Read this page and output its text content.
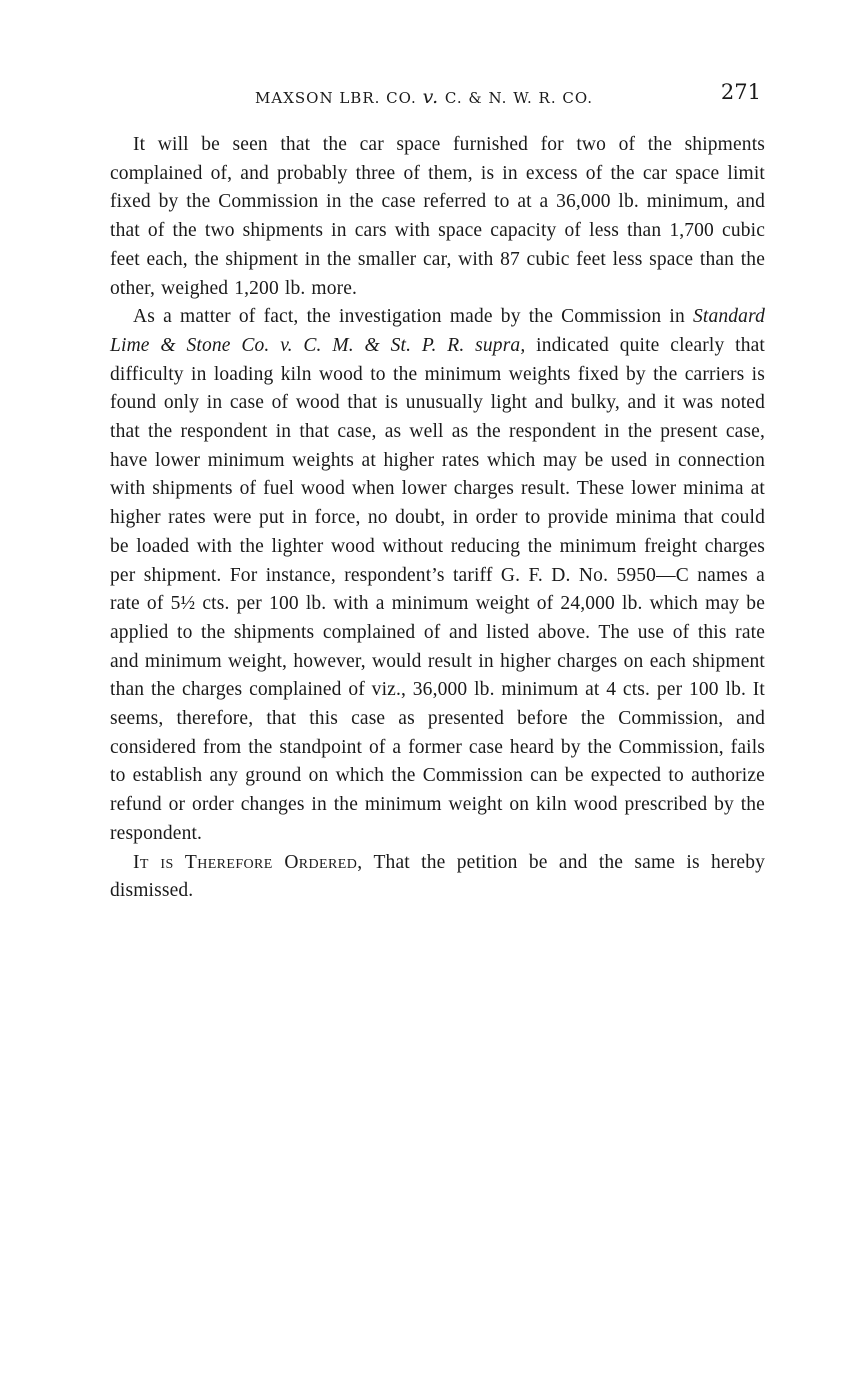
MAXSON LBR. CO. v. C. & N. W. R. CO.	271

It will be seen that the car space furnished for two of the shipments complained of, and probably three of them, is in excess of the car space limit fixed by the Commission in the case referred to at a 36,000 lb. minimum, and that of the two shipments in cars with space capacity of less than 1,700 cubic feet each, the shipment in the smaller car, with 87 cubic feet less space than the other, weighed 1,200 lb. more.

As a matter of fact, the investigation made by the Commission in Standard Lime & Stone Co. v. C. M. & St. P. R. supra, indicated quite clearly that difficulty in loading kiln wood to the minimum weights fixed by the carriers is found only in case of wood that is unusually light and bulky, and it was noted that the respondent in that case, as well as the respondent in the present case, have lower minimum weights at higher rates which may be used in connection with shipments of fuel wood when lower charges result. These lower minima at higher rates were put in force, no doubt, in order to provide minima that could be loaded with the lighter wood without reducing the minimum freight charges per shipment. For instance, respondent’s tariff G. F. D. No. 5950—C names a rate of 5½ cts. per 100 lb. with a minimum weight of 24,000 lb. which may be applied to the shipments complained of and listed above. The use of this rate and minimum weight, however, would result in higher charges on each shipment than the charges complained of viz., 36,000 lb. minimum at 4 cts. per 100 lb. It seems, therefore, that this case as presented before the Commission, and considered from the standpoint of a former case heard by the Commission, fails to establish any ground on which the Commission can be expected to authorize refund or order changes in the minimum weight on kiln wood prescribed by the respondent.

It is Therefore Ordered, That the petition be and the same is hereby dismissed.
